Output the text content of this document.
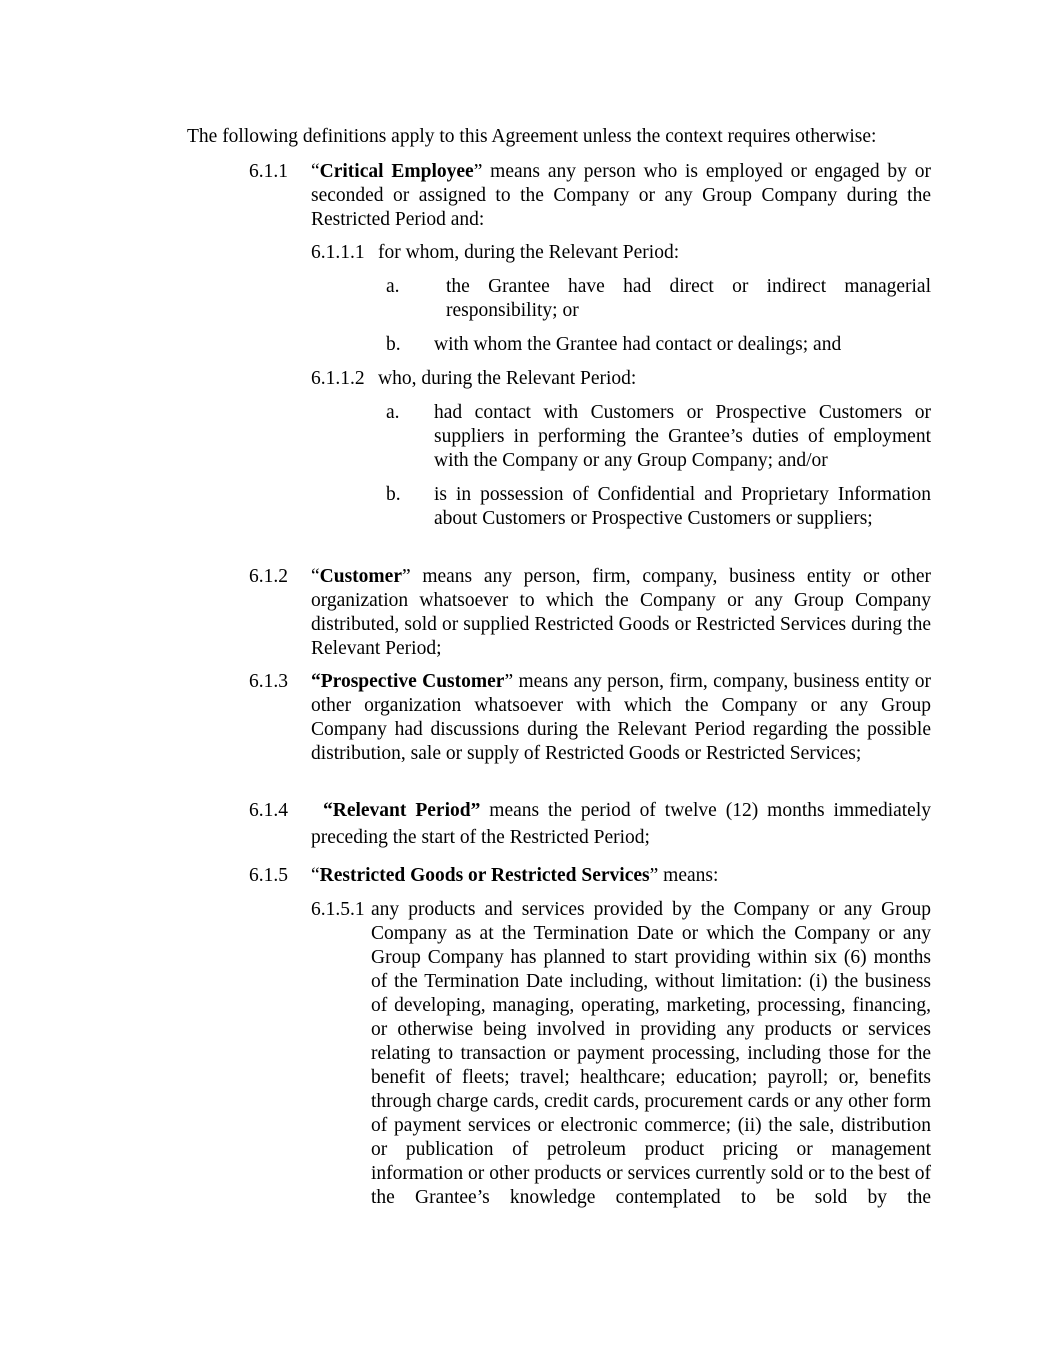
The following definitions apply to this Agreement unless the context requires otherwise:
6.1.1 “Critical Employee” means any person who is employed or engaged by or seconded or assigned to the Company or any Group Company during the Restricted Period and:
6.1.1.1 for whom, during the Relevant Period:
a. the Grantee have had direct or indirect managerial responsibility; or
b. with whom the Grantee had contact or dealings; and
6.1.1.2 who, during the Relevant Period:
a. had contact with Customers or Prospective Customers or suppliers in performing the Grantee’s duties of employment with the Company or any Group Company; and/or
b. is in possession of Confidential and Proprietary Information about Customers or Prospective Customers or suppliers;
6.1.2 “Customer” means any person, firm, company, business entity or other organization whatsoever to which the Company or any Group Company distributed, sold or supplied Restricted Goods or Restricted Services during the Relevant Period;
6.1.3 “Prospective Customer” means any person, firm, company, business entity or other organization whatsoever with which the Company or any Group Company had discussions during the Relevant Period regarding the possible distribution, sale or supply of Restricted Goods or Restricted Services;
6.1.4 “Relevant Period” means the period of twelve (12) months immediately
preceding the start of the Restricted Period;
6.1.5 “Restricted Goods or Restricted Services” means:
6.1.5.1 any products and services provided by the Company or any Group
Company as at the Termination Date or which the Company or any Group Company has planned to start providing within six (6) months of the Termination Date including, without limitation: (i) the business of developing, managing, operating, marketing, processing, financing, or otherwise being involved in providing any products or services relating to transaction or payment processing, including those for the benefit of fleets; travel; healthcare; education; payroll; or, benefits through charge cards, credit cards, procurement cards or any other form of payment services or electronic commerce; (ii) the sale, distribution or publication of petroleum product pricing or management information or other products or services currently sold or to the best of the Grantee’s knowledge contemplated to be sold by the
